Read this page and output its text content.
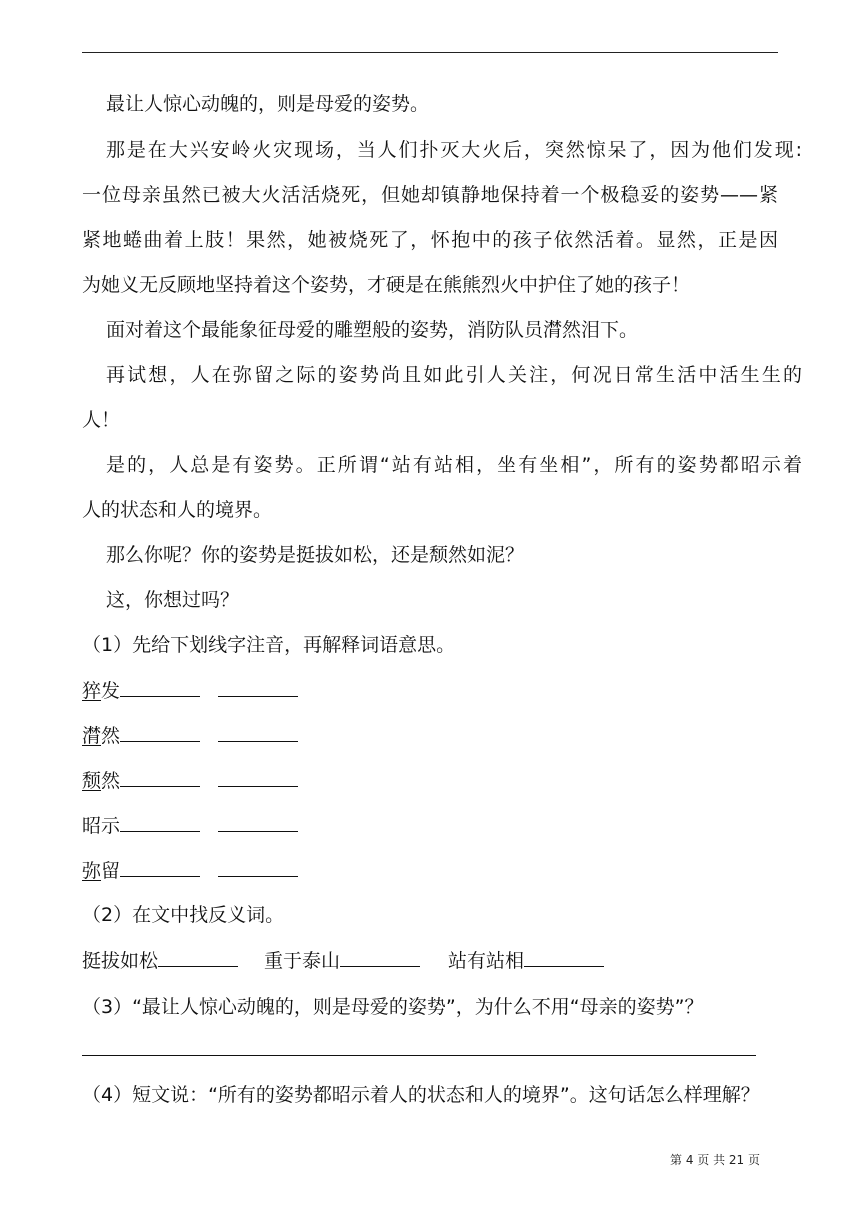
最让人惊心动魄的，则是母爱的姿势。
那是在大兴安岭火灾现场，当人们扑灭大火后，突然惊呆了，因为他们发现:
一位母亲虽然已被大火活活烧死，但她却镇静地保持着一个极稳妥的姿势——紧
紧地蜷曲着上肢！果然，她被烧死了，怀抱中的孩子依然活着。显然，正是因
为她义无反顾地坚持着这个姿势，才硬是在熊熊烈火中护住了她的孩子！
面对着这个最能象征母爱的雕塑般的姿势，消防队员潸然泪下。
再试想，人在弥留之际的姿势尚且如此引人关注，何况日常生活中活生生的
人！
是的，人总是有姿势。正所谓“站有站相，坐有坐相”，所有的姿势都昭示着
人的状态和人的境界。
那么你呢？你的姿势是挺拔如松，还是颓然如泥？
这，你想过吗？
（1）先给下划线字注音，再解释词语意思。
猝发
潸然
颓然
昭示
弥留
（2）在文中找反义词。
挺拔如松	重于泰山	站有站相
（3）“最让人惊心动魄的，则是母爱的姿势”，为什么不用“母亲的姿势”？
（4）短文说：“所有的姿势都昭示着人的状态和人的境界”。这句话怎么样理解？
第 4 页 共 21 页
